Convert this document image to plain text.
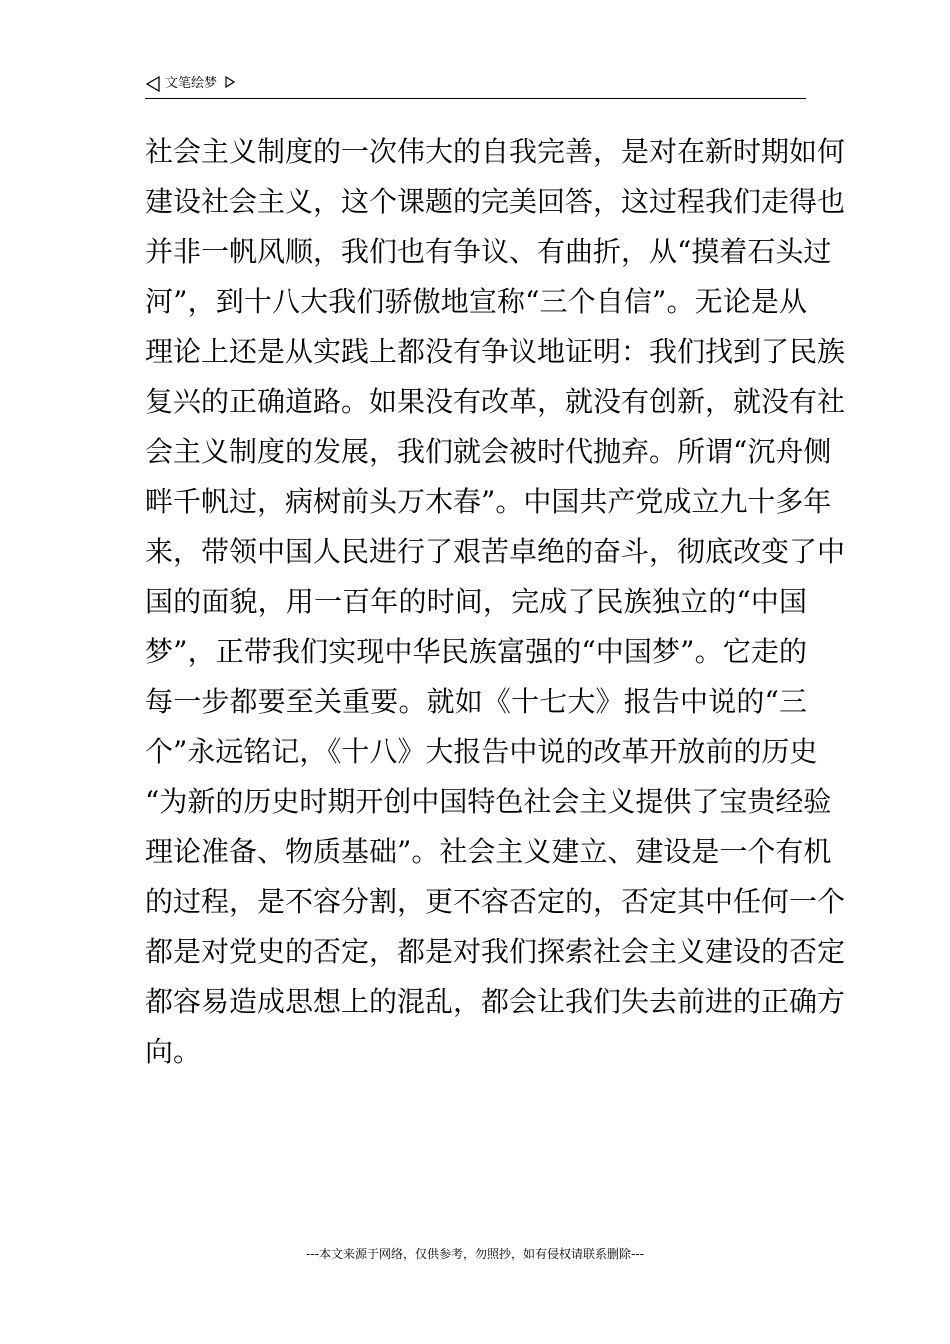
文笔绘梦
社会主义制度的一次伟大的自我完善，是对在新时期如何
建设社会主义，这个课题的完美回答，这过程我们走得也
并非一帆风顺，我们也有争议、有曲折，从“摸着石头过
河”，到十八大我们骄傲地宣称“三个自信”。无论是从
理论上还是从实践上都没有争议地证明：我们找到了民族
复兴的正确道路。如果没有改革，就没有创新，就没有社
会主义制度的发展，我们就会被时代抛弃。所谓“沉舟侧
畔千帆过，病树前头万木春”。中国共产党成立九十多年
来，带领中国人民进行了艰苦卓绝的奋斗，彻底改变了中
国的面貌，用一百年的时间，完成了民族独立的“中国
梦”，正带我们实现中华民族富强的“中国梦”。它走的
每一步都要至关重要。就如《十七大》报告中说的“三
个”永远铭记，《十八》大报告中说的改革开放前的历史
“为新的历史时期开创中国特色社会主义提供了宝贵经验
理论准备、物质基础”。社会主义建立、建设是一个有机
的过程，是不容分割，更不容否定的，否定其中任何一个
都是对党史的否定，都是对我们探索社会主义建设的否定
都容易造成思想上的混乱，都会让我们失去前进的正确方
向。
---本文来源于网络，仅供参考，勿照抄，如有侵权请联系删除---
